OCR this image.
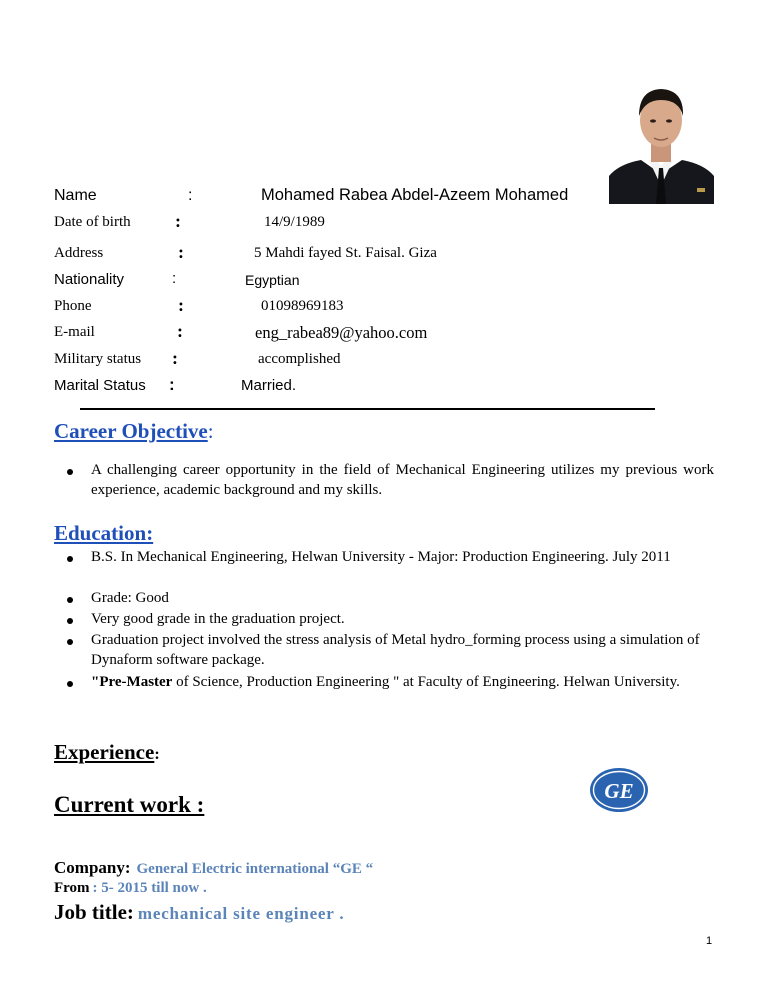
Name	:	Mohamed Rabea Abdel-Azeem Mohamed
Date of birth :	14/9/1989
Address	:	5 Mahdi fayed St. Faisal. Giza
Nationality	:	Egyptian
Phone	:	01098969183
E-mail	:	eng_rabea89@yahoo.com
Military status :	accomplished
Marital Status :	Married.
Career Objective:
A challenging career opportunity in the field of Mechanical Engineering utilizes my previous work experience, academic background and my skills.
Education:
B.S. In Mechanical Engineering, Helwan University - Major: Production Engineering. July 2011
Grade: Good
Very good grade in the graduation project.
Graduation project involved the stress analysis of Metal hydro_forming process using a simulation of Dynaform software package.
"Pre-Master of Science, Production Engineering " at Faculty of Engineering. Helwan University.
Experience:
GE
Current work :
Company: General Electric international “GE “
From : 5- 2015 till now .
Job title: mechanical site engineer .
1
